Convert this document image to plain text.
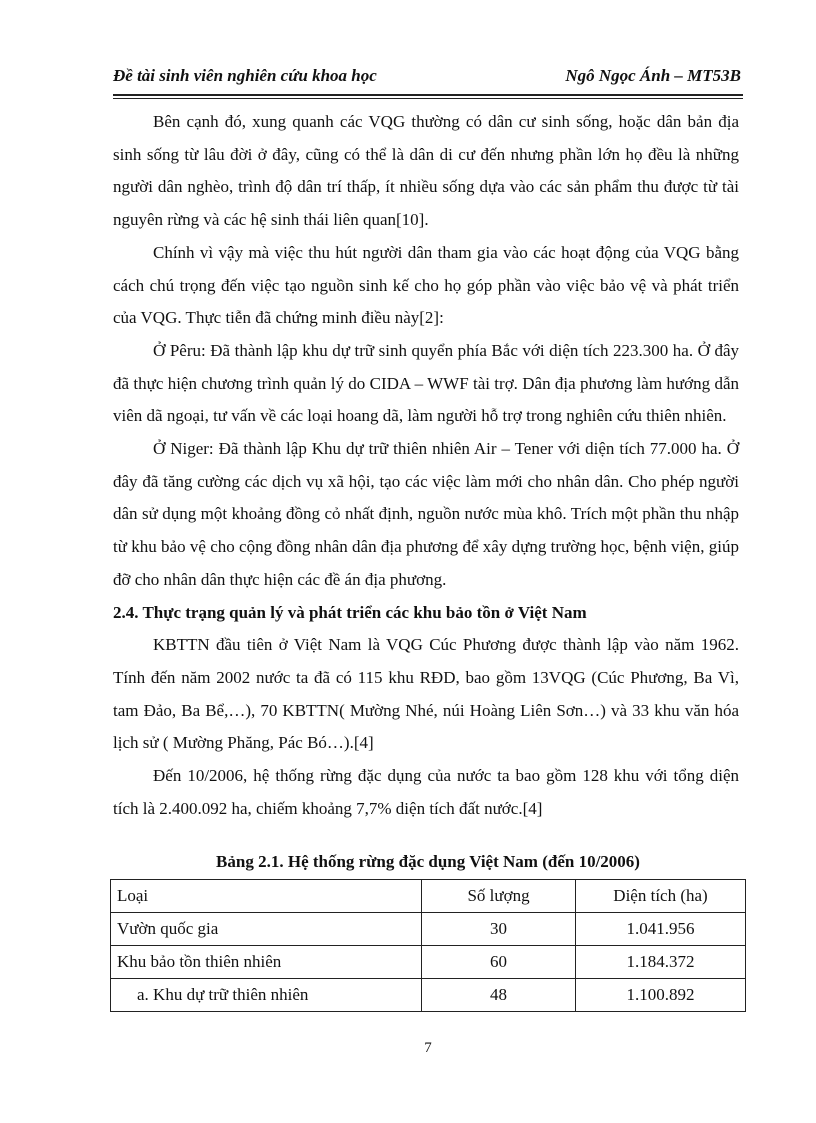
Đề tài sinh viên nghiên cứu khoa học	Ngô Ngọc Ánh – MT53B

Bên cạnh đó, xung quanh các VQG thường có dân cư sinh sống, hoặc dân bản địa sinh sống từ lâu đời ở đây, cũng có thể là dân di cư đến nhưng phần lớn họ đều là những người dân nghèo, trình độ dân trí thấp, ít nhiều sống dựa vào các sản phẩm thu được từ tài nguyên rừng và các hệ sinh thái liên quan[10].

Chính vì vậy mà việc thu hút người dân tham gia vào các hoạt động của VQG bằng cách chú trọng đến việc tạo nguồn sinh kế cho họ góp phần vào việc bảo vệ và phát triển của VQG. Thực tiễn đã chứng minh điều này[2]:

Ở Pêru: Đã thành lập khu dự trữ sinh quyển phía Bắc với diện tích 223.300 ha. Ở đây đã thực hiện chương trình quản lý do CIDA – WWF tài trợ. Dân địa phương làm hướng dẫn viên dã ngoại, tư vấn về các loại hoang dã, làm người hỗ trợ trong nghiên cứu thiên nhiên.

Ở Niger: Đã thành lập Khu dự trữ thiên nhiên Air – Tener với diện tích 77.000 ha. Ở đây đã tăng cường các dịch vụ xã hội, tạo các việc làm mới cho nhân dân. Cho phép người dân sử dụng một khoảng đồng cỏ nhất định, nguồn nước mùa khô. Trích một phần thu nhập từ khu bảo vệ cho cộng đồng nhân dân địa phương để xây dựng trường học, bệnh viện, giúp đỡ cho nhân dân thực hiện các đề án địa phương.

2.4. Thực trạng quản lý và phát triển các khu bảo tồn ở Việt Nam

KBTTN đầu tiên ở Việt Nam là VQG Cúc Phương được thành lập vào năm 1962. Tính đến năm 2002 nước ta đã có 115 khu RĐD, bao gồm 13VQG (Cúc Phương, Ba Vì, tam Đảo, Ba Bể,…), 70 KBTTN( Mường Nhé, núi Hoàng Liên Sơn…) và 33 khu văn hóa lịch sử ( Mường Phăng, Pác Bó…).[4]

Đến 10/2006, hệ thống rừng đặc dụng của nước ta bao gồm 128 khu với tổng diện tích là 2.400.092 ha, chiếm khoảng 7,7% diện tích đất nước.[4]

Bảng 2.1. Hệ thống rừng đặc dụng Việt Nam (đến 10/2006)
Loại	Số lượng	Diện tích (ha)
Vườn quốc gia	30	1.041.956
Khu bảo tồn thiên nhiên	60	1.184.372
a. Khu dự trữ thiên nhiên	48	1.100.892
7
